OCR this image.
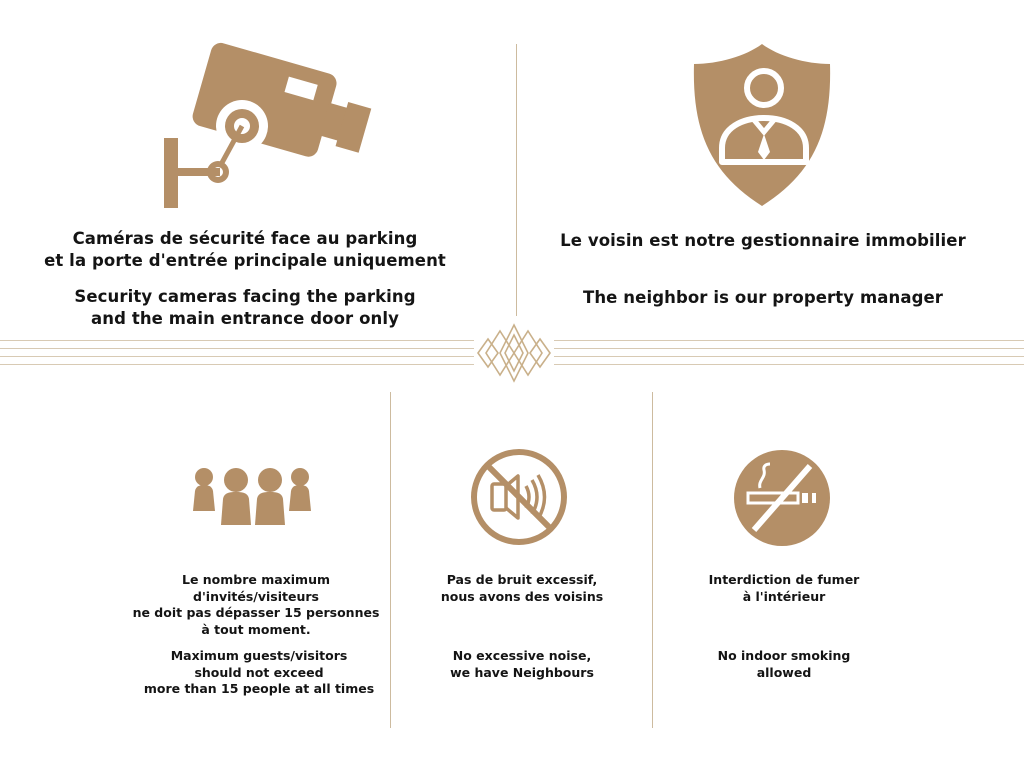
Caméras de sécurité face au parking
et la porte d'entrée principale uniquement
Security cameras facing the parking
and the main entrance door only
Le voisin est notre gestionnaire immobilier
The neighbor is our property manager
Le nombre maximum
d'invités/visiteurs
ne doit pas dépasser 15 personnes
à tout moment.
Maximum guests/visitors
should not exceed
more than 15 people at all times
Pas de bruit excessif,
nous avons des voisins
No excessive noise,
we have Neighbours
Interdiction de fumer
à l'intérieur
No indoor smoking
allowed
